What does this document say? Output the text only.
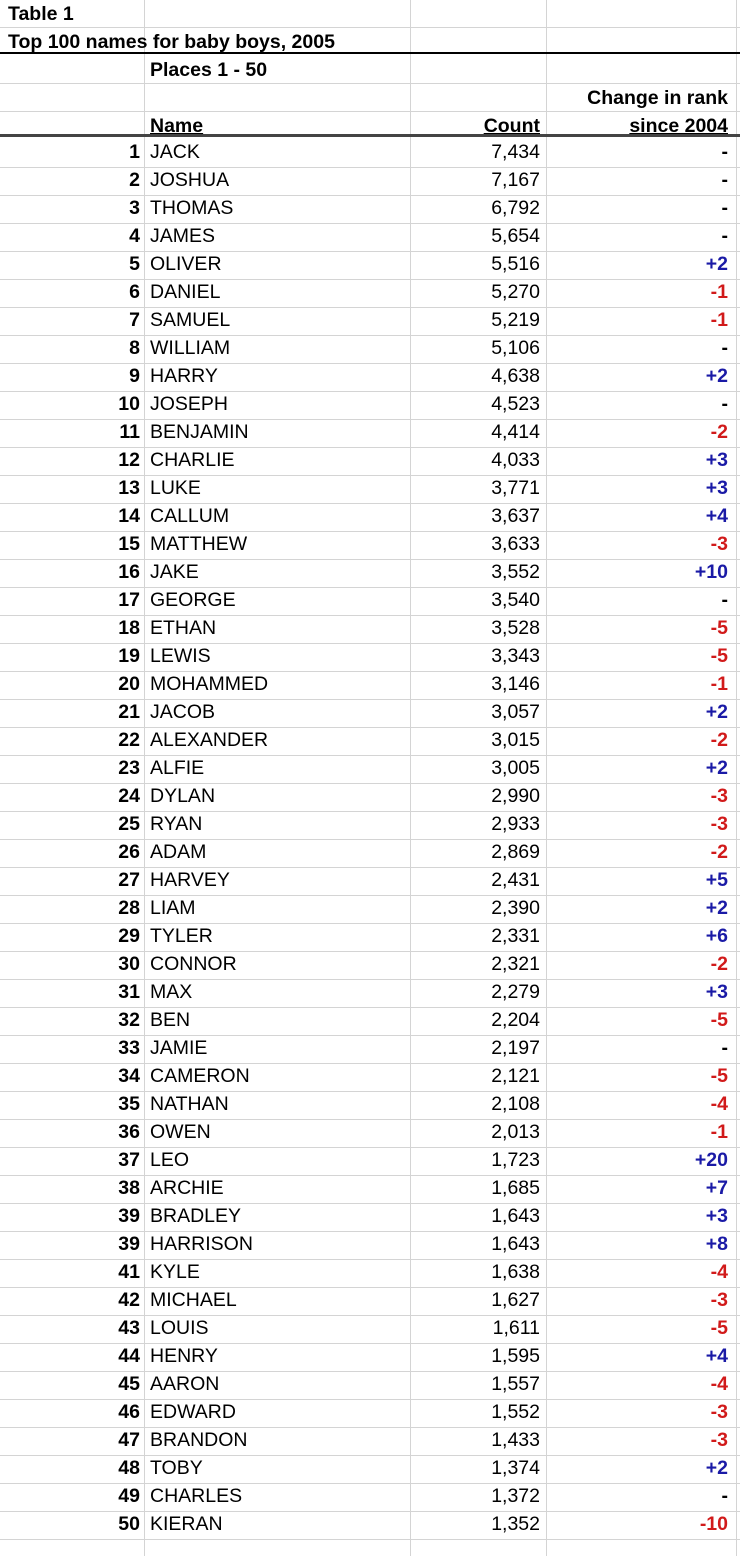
Table 1
Top 100 names for baby boys, 2005
Places 1 - 50
Change in rank
Name	Count	since 2004
1 JACK	7,434	-
2 JOSHUA	7,167	-
3 THOMAS	6,792	-
4 JAMES	5,654	-
5 OLIVER	5,516	+2
6 DANIEL	5,270	-1
7 SAMUEL	5,219	-1
8 WILLIAM	5,106	-
9 HARRY	4,638	+2
10 JOSEPH	4,523	-
11 BENJAMIN	4,414	-2
12 CHARLIE	4,033	+3
13 LUKE	3,771	+3
14 CALLUM	3,637	+4
15 MATTHEW	3,633	-3
16 JAKE	3,552	+10
17 GEORGE	3,540	-
18 ETHAN	3,528	-5
19 LEWIS	3,343	-5
20 MOHAMMED	3,146	-1
21 JACOB	3,057	+2
22 ALEXANDER	3,015	-2
23 ALFIE	3,005	+2
24 DYLAN	2,990	-3
25 RYAN	2,933	-3
26 ADAM	2,869	-2
27 HARVEY	2,431	+5
28 LIAM	2,390	+2
29 TYLER	2,331	+6
30 CONNOR	2,321	-2
31 MAX	2,279	+3
32 BEN	2,204	-5
33 JAMIE	2,197	-
34 CAMERON	2,121	-5
35 NATHAN	2,108	-4
36 OWEN	2,013	-1
37 LEO	1,723	+20
38 ARCHIE	1,685	+7
39 BRADLEY	1,643	+3
39 HARRISON	1,643	+8
41 KYLE	1,638	-4
42 MICHAEL	1,627	-3
43 LOUIS	1,611	-5
44 HENRY	1,595	+4
45 AARON	1,557	-4
46 EDWARD	1,552	-3
47 BRANDON	1,433	-3
48 TOBY	1,374	+2
49 CHARLES	1,372	-
50 KIERAN	1,352	-10
